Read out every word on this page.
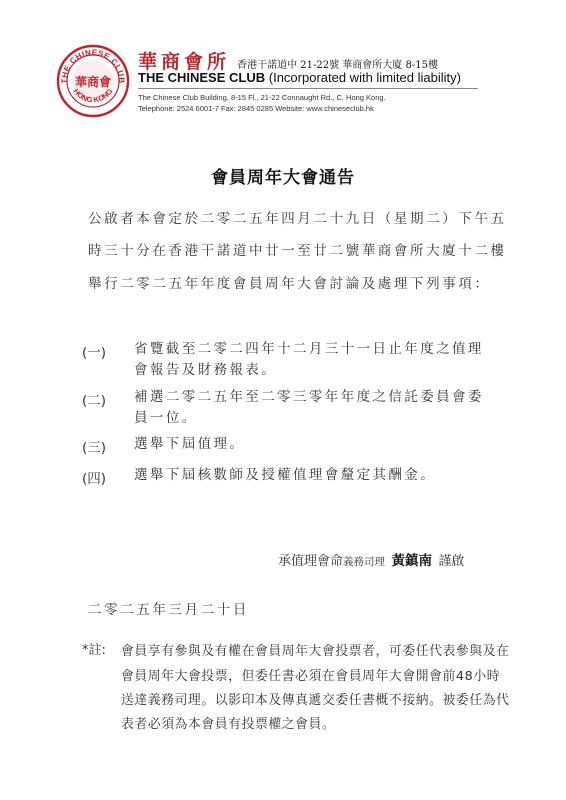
THE CHINESE CLUB
HONG KONG
華商會
華商會所 香港干諾道中 21-22號 華商會所大廈 8-15樓
THE CHINESE CLUB (Incorporated with limited liability)
The Chinese Club Building, 8-15 Fl., 21-22 Connaught Rd., C. Hong Kong.
Telephone: 2524 6001-7 Fax: 2845 0285 Website: www.chineseclub.hk
會員周年大會通告
公啟者本會定於二零二五年四月二十九日（星期二）下午五
時三十分在香港干諾道中廿一至廿二號華商會所大廈十二樓
舉行二零二五年年度會員周年大會討論及處理下列事項：
(一) 省覽截至二零二四年十二月三十一日止年度之值理
會報告及財務報表。
(二) 補選二零二五年至二零三零年年度之信託委員會委
員一位。
(三) 選舉下屆值理。
(四) 選舉下屆核數師及授權值理會釐定其酬金。
承值理會命義務司理  黃鎮南  謹啟
二零二五年三月二十日
*註: 會員享有參與及有權在會員周年大會投票者，可委任代表參與及在
會員周年大會投票，但委任書必須在會員周年大會開會前48小時
送達義務司理。以影印本及傳真遞交委任書概不接納。被委任為代
表者必須為本會員有投票權之會員。
